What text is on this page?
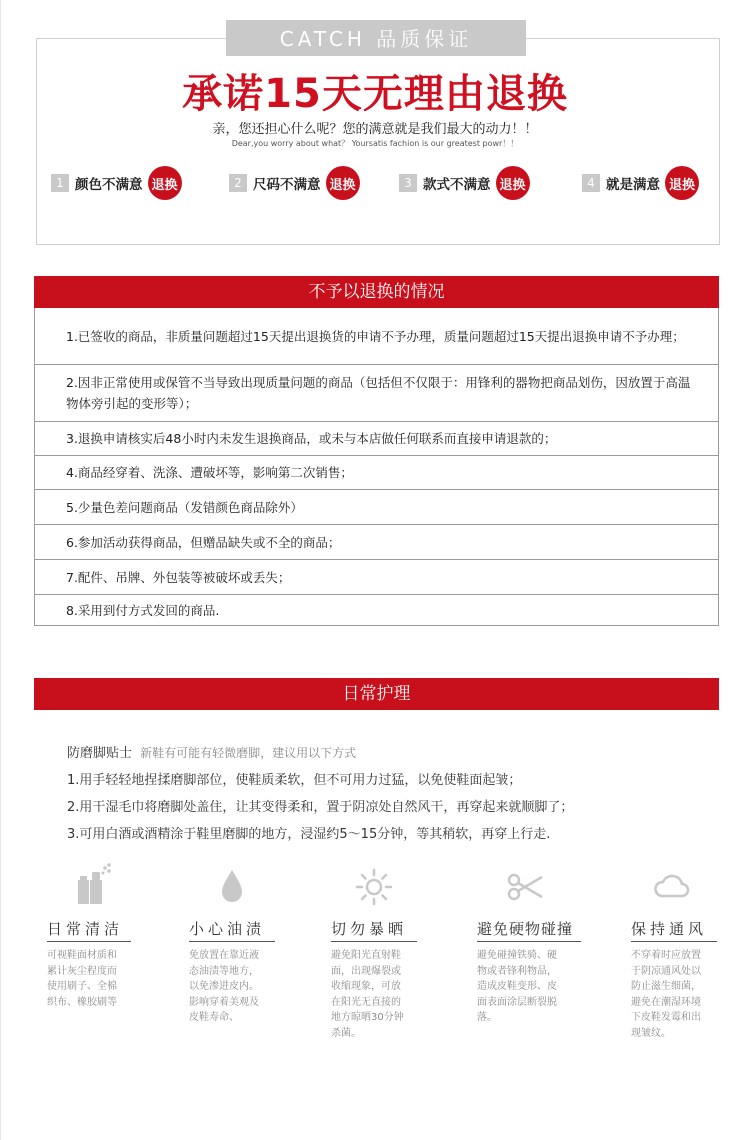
CATCH 品质保证
承诺15天无理由退换
亲，您还担心什么呢？您的满意就是我们最大的动力！！
Dear,you worry about what？ Yoursatis fachion is our greatest powr！！
1 颜色不满意 退换	2 尺码不满意 退换	3 款式不满意 退换	4 就是满意 退换
不予以退换的情况
1.已签收的商品，非质量问题超过15天提出退换货的申请不予办理，质量问题超过15天提出退换申请不予办理；
2.因非正常使用或保管不当导致出现质量问题的商品（包括但不仅限于：用锋利的器物把商品划伤，因放置于高温物体旁引起的变形等）；
3.退换申请核实后48小时内未发生退换商品，或未与本店做任何联系而直接申请退款的；
4.商品经穿着、洗涤、遭破坏等，影响第二次销售；
5.少量色差问题商品（发错颜色商品除外）
6.参加活动获得商品，但赠品缺失或不全的商品；
7.配件、吊牌、外包装等被破坏或丢失；
8.采用到付方式发回的商品.
日常护理
防磨脚贴士 新鞋有可能有轻微磨脚，建议用以下方式
1.用手轻轻地捏揉磨脚部位，使鞋质柔软，但不可用力过猛，以免使鞋面起皱；
2.用干湿毛巾将磨脚处盖住，让其变得柔和，置于阴凉处自然风干，再穿起来就顺脚了；
3.可用白酒或酒精涂于鞋里磨脚的地方，浸湿约5～15分钟，等其稍软，再穿上行走.
日常清洁	小心油渍	切勿暴晒	避免硬物碰撞	保持通风
可视鞋面材质和
累计灰尘程度而
使用刷子、全棉
织布、橡胶刷等
免放置在靠近液
态油渍等地方，
以免渗进皮内。
影响穿着美观及
皮鞋寿命、
避免阳光直射鞋
面，出现爆裂或
收缩现象，可放
在阳光无直接的
地方晾晒30分钟
杀菌。
避免碰撞铁骑、硬
物或者锋利物品，
造成皮鞋变形、皮
面表面涂层断裂脱
落。
不穿着时应放置
于阴凉通风处以
防止滋生细菌，
避免在潮湿环境
下皮鞋发霉和出
现皱纹。
